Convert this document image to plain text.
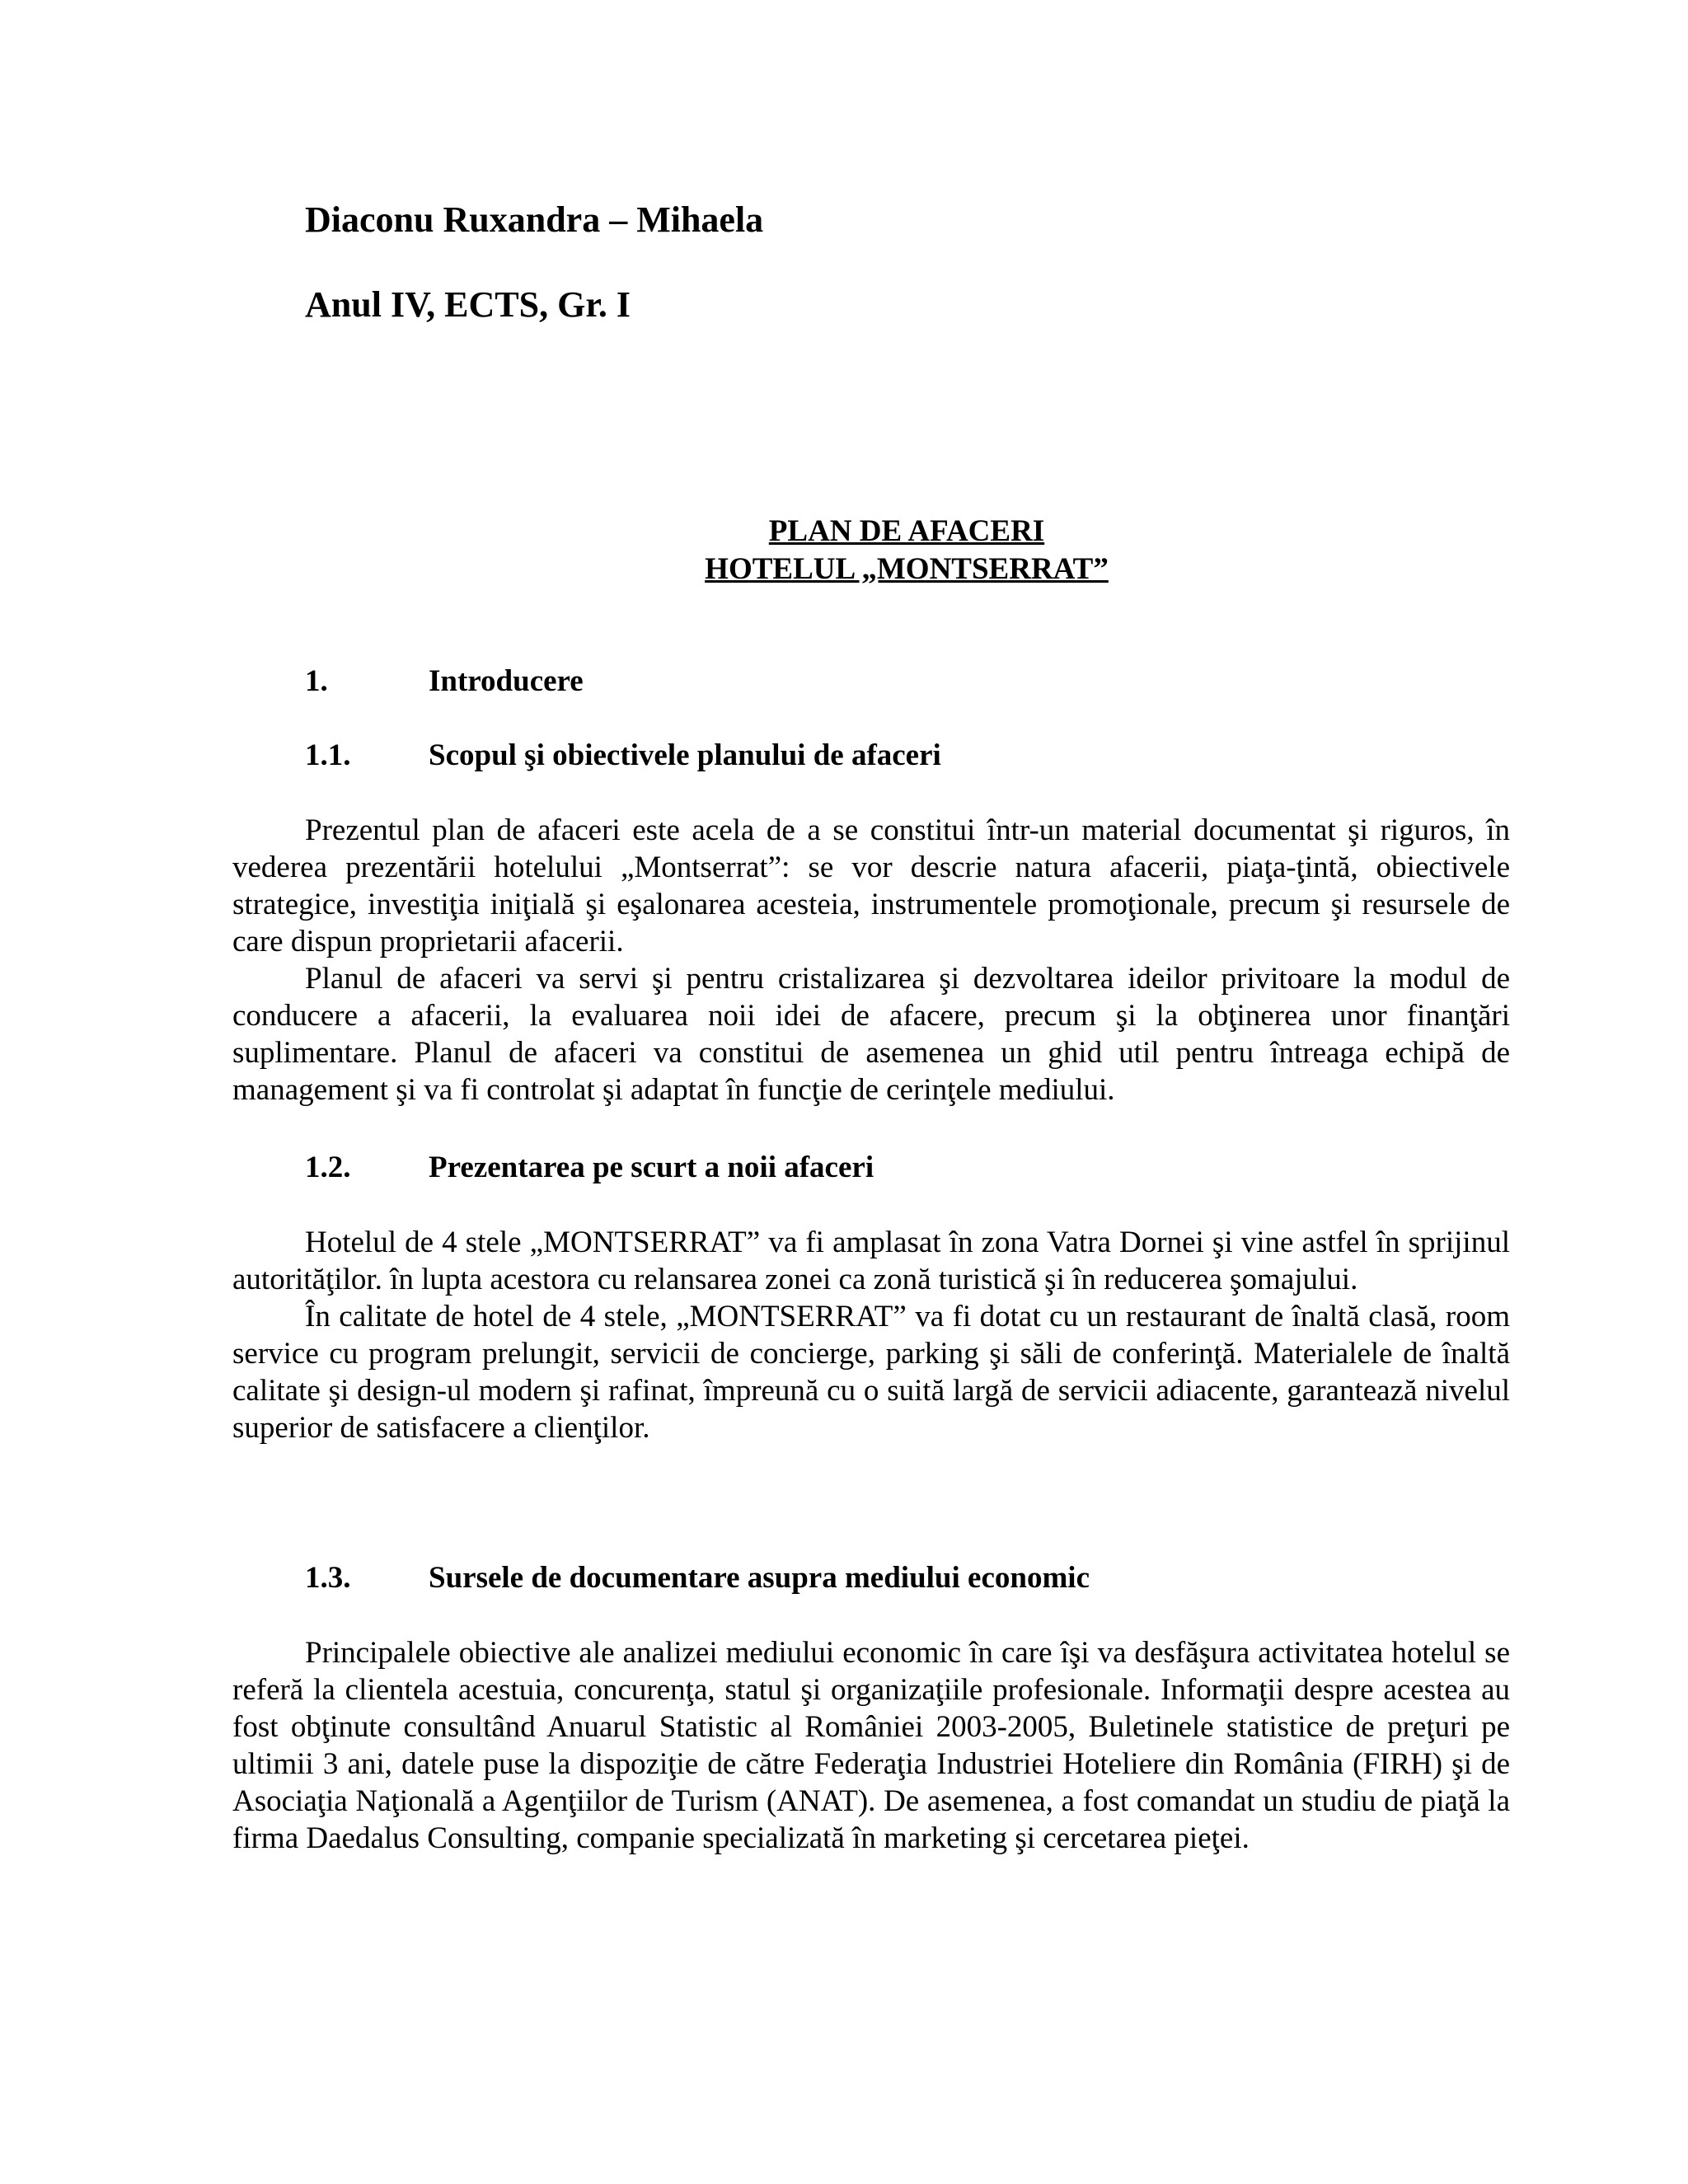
Diaconu Ruxandra – Mihaela
Anul IV, ECTS, Gr. I
PLAN DE AFACERI
HOTELUL „MONTSERRAT”
1.	Introducere
1.1.	Scopul şi obiectivele planului de afaceri

Prezentul plan de afaceri este acela de a se constitui într-un material documentat şi riguros, în vederea prezentării hotelului „Montserrat”: se vor descrie natura afacerii, piaţa-ţintă, obiectivele strategice, investiţia iniţială şi eşalonarea acesteia, instrumentele promoţionale, precum şi resursele de care dispun proprietarii afacerii.

Planul de afaceri va servi şi pentru cristalizarea şi dezvoltarea ideilor privitoare la modul de conducere a afacerii, la evaluarea noii idei de afacere, precum şi la obţinerea unor finanţări suplimentare. Planul de afaceri va constitui de asemenea un ghid util pentru întreaga echipă de management şi va fi controlat şi adaptat în funcţie de cerinţele mediului.

1.2.	Prezentarea pe scurt a noii afaceri

Hotelul de 4 stele „MONTSERRAT” va fi amplasat în zona Vatra Dornei şi vine astfel în sprijinul autorităţilor. în lupta acestora cu relansarea zonei ca zonă turistică şi în reducerea şomajului.

În calitate de hotel de 4 stele, „MONTSERRAT” va fi dotat cu un restaurant de înaltă clasă, room service cu program prelungit, servicii de concierge, parking şi săli de conferinţă. Materialele de înaltă calitate şi design-ul modern şi rafinat, împreună cu o suită largă de servicii adiacente, garantează nivelul superior de satisfacere a clienţilor.

1.3.	Sursele de documentare asupra mediului economic

Principalele obiective ale analizei mediului economic în care îşi va desfăşura activitatea hotelul se referă la clientela acestuia, concurenţa, statul şi organizaţiile profesionale. Informaţii despre acestea au fost obţinute consultând Anuarul Statistic al României 2003-2005, Buletinele statistice de preţuri pe ultimii 3 ani, datele puse la dispoziţie de către Federaţia Industriei Hoteliere din România (FIRH) şi de Asociaţia Naţională a Agenţiilor de Turism (ANAT). De asemenea, a fost comandat un studiu de piaţă la firma Daedalus Consulting, companie specializată în marketing şi cercetarea pieţei.
